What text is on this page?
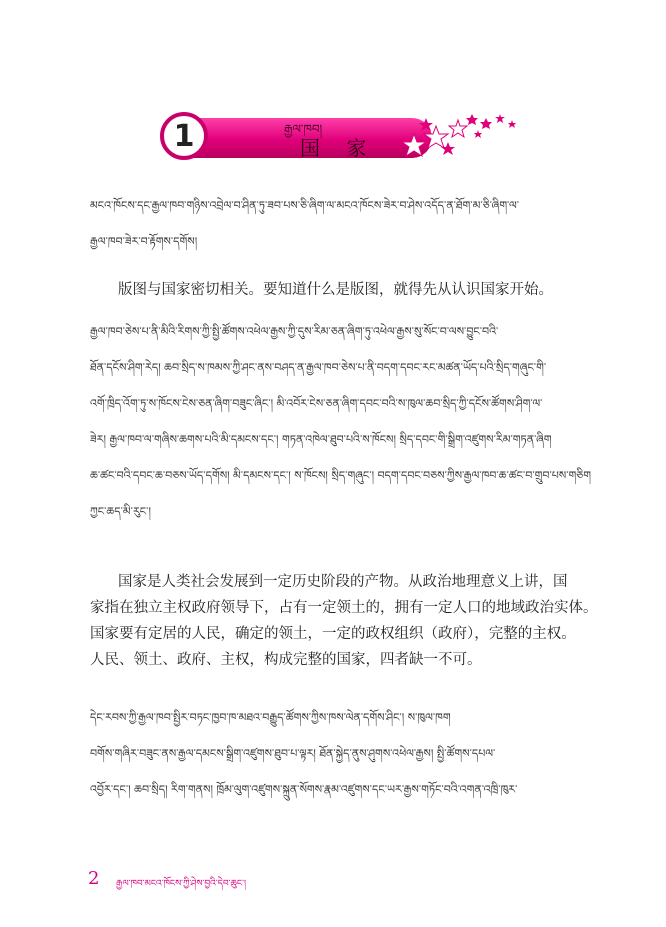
1	རྒྱལ་ཁབ།
国 家
མངའ་ཁོངས་དང་རྒྱལ་ཁབ་གཉིས་འབྲེལ་བ་ཤིན་ཏུ་ཟབ་པས་ཅི་ཞིག་ལ་མངའ་ཁོངས་ཟེར་བ་ཤེས་འདོད་ན་ཐོག་མ་ཅི་ཞིག་ལ་
རྒྱལ་ཁབ་ཟེར་བ་རྟོགས་དགོས།
版图与国家密切相关。要知道什么是版图，就得先从认识国家开始。
རྒྱལ་ཁབ་ཅེས་པ་ནི་མིའི་རིགས་ཀྱི་སྤྱི་ཚོགས་འཕེལ་རྒྱས་ཀྱི་དུས་རིམ་ཅན་ཞིག་ཏུ་འཕེལ་རྒྱས་སུ་སོང་བ་ལས་བྱུང་བའི་
ཐོན་དངོས་ཤིག་རེད། ཆབ་སྲིད་ས་ཁམས་ཀྱི་ཤང་ནས་བཤད་ན་རྒྱལ་ཁབ་ཅེས་པ་ནི་བདག་དབང་རང་མཚན་ཡོད་པའི་སྲིད་གཞུང་གི་
འགོ་ཁྲིད་འོག་ཏུ་ས་ཁོངས་ངེས་ཅན་ཞིག་བཟུང་ཞིང་། མི་འབོར་ངེས་ཅན་ཞིག་དབང་བའི་ས་ཁུལ་ཆབ་སྲིད་ཀྱི་དངོས་ཚོགས་ཤིག་ལ་
ཟེར། རྒྱལ་ཁབ་ལ་གཞིས་ཆགས་པའི་མི་དམངས་དང་། གཏན་འཁེལ་ཐུབ་པའི་ས་ཁོངས། སྲིད་དབང་གི་སྒྲིག་འཛུགས་རིམ་གཏན་ཞིག
ཆ་ཚང་བའི་དབང་ཆ་བཅས་ཡོད་དགོས། མི་དམངས་དང་། ས་ཁོངས། སྲིད་གཞུང་། བདག་དབང་བཅས་ཀྱིས་རྒྱལ་ཁབ་ཆ་ཚང་བ་གྲུབ་པས་གཅིག
ཀྱང་ཆད་མི་རུང་།
国家是人类社会发展到一定历史阶段的产物。从政治地理意义上讲，国
家指在独立主权政府领导下，占有一定领土的，拥有一定人口的地域政治实体。
国家要有定居的人民，确定的领土，一定的政权组织（政府），完整的主权。
人民、领土、政府、主权，构成完整的国家，四者缺一不可。
དེང་རབས་ཀྱི་རྒྱལ་ཁབ་སྤྱིར་བཏང་ཁྱབ་ཁ་མཐའ་བརྒྱུད་ཚོགས་ཀྱིས་ཁས་ལེན་དགོས་ཤིང་། ས་ཁུལ་ཁག
བགོས་གཞིར་བཟུང་ནས་རྒྱལ་དམངས་སྒྲིག་འཛུགས་ཐུབ་པ་ལྟར། ཐོན་སྐྱེད་ནུས་ཤུགས་འཕེལ་རྒྱས། སྤྱི་ཚོགས་དཔལ་
འབྱོར་དང་། ཆབ་སྲིད། རིག་གནས། ཁྲོམ་ལུག་འཛུགས་སྐྲུན་སོགས་རྣམ་འཛུགས་དང་ཡར་རྒྱས་གཏོང་བའི་འགན་འཁྲི་ཁུར་
2 རྒྱལ་ཁབ་མངའ་ཁོངས་ཀྱི་ཤེས་བྱའི་དེབ་ཆུང་།
